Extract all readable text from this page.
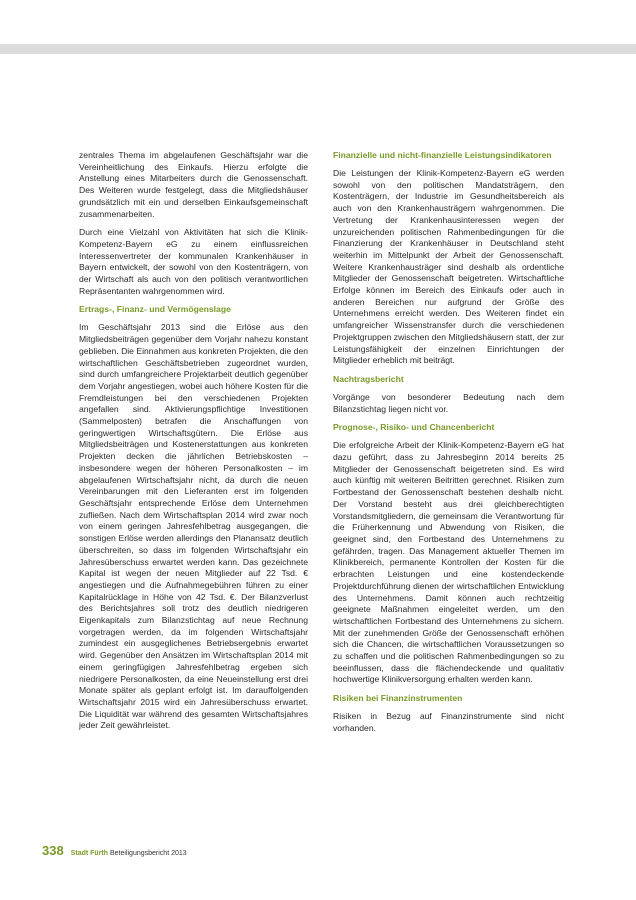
zentrales Thema im abgelaufenen Geschäftsjahr war die Vereinheitlichung des Einkaufs. Hierzu erfolgte die Anstellung eines Mitarbeiters durch die Genossenschaft. Des Weiteren wurde festgelegt, dass die Mitgliedshäuser grundsätzlich mit ein und derselben Einkaufsgemeinschaft zusammenarbeiten.

Durch eine Vielzahl von Aktivitäten hat sich die Klinik-Kompetenz-Bayern eG zu einem einflussreichen Interessenvertreter der kommunalen Krankenhäuser in Bayern entwickelt, der sowohl von den Kostenträgern, von der Wirtschaft als auch von den politisch verantwortlichen Repräsentanten wahrgenommen wird.

Ertrags-, Finanz- und Vermögenslage

Im Geschäftsjahr 2013 sind die Erlöse aus den Mitgliedsbeiträgen gegenüber dem Vorjahr nahezu konstant geblieben. Die Einnahmen aus konkreten Projekten, die den wirtschaftlichen Geschäftsbetrieben zugeordnet wurden, sind durch umfangreichere Projektarbeit deutlich gegenüber dem Vorjahr angestiegen, wobei auch höhere Kosten für die Fremdleistungen bei den verschiedenen Projekten angefallen sind. Aktivierungspflichtige Investitionen (Sammelposten) betrafen die Anschaffungen von geringwertigen Wirtschaftsgütern. Die Erlöse aus Mitgliedsbeiträgen und Kostenerstattungen aus konkreten Projekten decken die jährlichen Betriebskosten – insbesondere wegen der höheren Personalkosten – im abgelaufenen Wirtschaftsjahr nicht, da durch die neuen Vereinbarungen mit den Lieferanten erst im folgenden Geschäftsjahr entsprechende Erlöse dem Unternehmen zufließen. Nach dem Wirtschaftsplan 2014 wird zwar noch von einem geringen Jahresfehlbetrag ausgegangen, die sonstigen Erlöse werden allerdings den Planansatz deutlich überschreiten, so dass im folgenden Wirtschaftsjahr ein Jahresüberschuss erwartet werden kann. Das gezeichnete Kapital ist wegen der neuen Mitglieder auf 22 Tsd. € angestiegen und die Aufnahmegebühren führen zu einer Kapitalrücklage in Höhe von 42 Tsd. €. Der Bilanzverlust des Berichtsjahres soll trotz des deutlich niedrigeren Eigenkapitals zum Bilanzstichtag auf neue Rechnung vorgetragen werden, da im folgenden Wirtschaftsjahr zumindest ein ausgeglichenes Betriebsergebnis erwartet wird. Gegenüber den Ansätzen im Wirtschaftsplan 2014 mit einem geringfügigen Jahresfehlbetrag ergeben sich niedrigere Personalkosten, da eine Neueinstellung erst drei Monate später als geplant erfolgt ist. Im darauffolgenden Wirtschaftsjahr 2015 wird ein Jahresüberschuss erwartet. Die Liquidität war während des gesamten Wirtschaftsjahres jeder Zeit gewährleistet.

Finanzielle und nicht-finanzielle Leistungsindikatoren

Die Leistungen der Klinik-Kompetenz-Bayern eG werden sowohl von den politischen Mandatsträgern, den Kostenträgern, der Industrie im Gesundheitsbereich als auch von den Krankenhausträgern wahrgenommen. Die Vertretung der Krankenhausinteressen wegen der unzureichenden politischen Rahmenbedingungen für die Finanzierung der Krankenhäuser in Deutschland steht weiterhin im Mittelpunkt der Arbeit der Genossenschaft. Weitere Krankenhausträger sind deshalb als ordentliche Mitglieder der Genossenschaft beigetreten. Wirtschaftliche Erfolge können im Bereich des Einkaufs oder auch in anderen Bereichen nur aufgrund der Größe des Unternehmens erreicht werden. Des Weiteren findet ein umfangreicher Wissenstransfer durch die verschiedenen Projektgruppen zwischen den Mitgliedshäusern statt, der zur Leistungsfähigkeit der einzelnen Einrichtungen der Mitglieder erheblich mit beiträgt.

Nachtragsbericht

Vorgänge von besonderer Bedeutung nach dem Bilanzstichtag liegen nicht vor.

Prognose-, Risiko- und Chancenbericht

Die erfolgreiche Arbeit der Klinik-Kompetenz-Bayern eG hat dazu geführt, dass zu Jahresbeginn 2014 bereits 25 Mitglieder der Genossenschaft beigetreten sind. Es wird auch künftig mit weiteren Beitritten gerechnet. Risiken zum Fortbestand der Genossenschaft bestehen deshalb nicht. Der Vorstand besteht aus drei gleichberechtigten Vorstandsmitgliedern, die gemeinsam die Verantwortung für die Früherkennung und Abwendung von Risiken, die geeignet sind, den Fortbestand des Unternehmens zu gefährden, tragen. Das Management aktueller Themen im Klinikbereich, permanente Kontrollen der Kosten für die erbrachten Leistungen und eine kostendeckende Projektdurchführung dienen der wirtschaftlichen Entwicklung des Unternehmens. Damit können auch rechtzeitig geeignete Maßnahmen eingeleitet werden, um den wirtschaftlichen Fortbestand des Unternehmens zu sichern. Mit der zunehmenden Größe der Genossenschaft erhöhen sich die Chancen, die wirtschaftlichen Voraussetzungen so zu schaffen und die politischen Rahmenbedingungen so zu beeinflussen, dass die flächendeckende und qualitativ hochwertige Klinikversorgung erhalten werden kann.

Risiken bei Finanzinstrumenten

Risiken in Bezug auf Finanzinstrumente sind nicht vorhanden.

338 Stadt Fürth Beteiligungsbericht 2013
